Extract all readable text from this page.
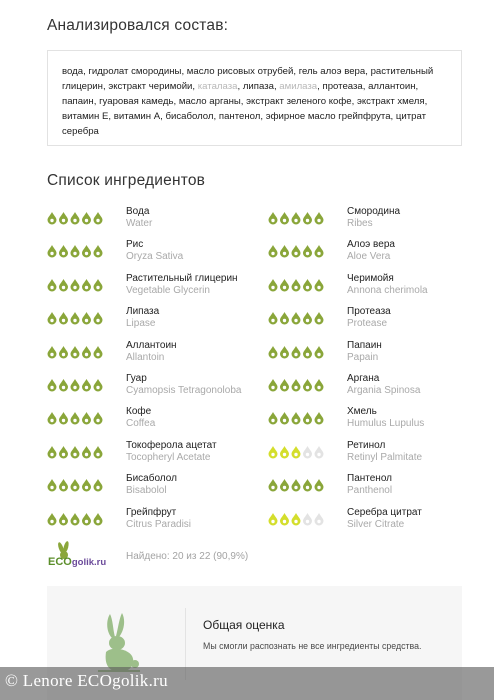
Анализировался состав:
вода, гидролат смородины, масло рисовых отрубей, гель алоэ вера, растительный глицерин, экстракт черимойи, каталаза, липаза, амилаза, протеаза, аллантоин, папаин, гуаровая камедь, масло арганы, экстракт зеленого кофе, экстракт хмеля, витамин Е, витамин А, бисаболол, пантенол, эфирное масло грейпфрута, цитрат серебра
Список ингредиентов
Вода
Water
Рис
Oryza Sativa
Растительный глицерин
Vegetable Glycerin
Липаза
Lipase
Аллантоин
Allantoin
Гуар
Cyamopsis Tetragonoloba
Кофе
Coffea
Токоферола ацетат
Tocopheryl Acetate
Бисаболол
Bisabolol
Грейпфрут
Citrus Paradisi
Смородина
Ribes
Алоэ вера
Aloe Vera
Черимойя
Annona cherimola
Протеаза
Protease
Папаин
Papain
Аргана
Argania Spinosa
Хмель
Humulus Lupulus
Ретинол
Retinyl Palmitate
Пантенол
Panthenol
Серебра цитрат
Silver Citrate
ECOgolik.ru
Найдено: 20 из 22 (90,9%)
Общая оценка
Мы смогли распознать не все ингредиенты средства.
© Lenore ECOgolik.ru
